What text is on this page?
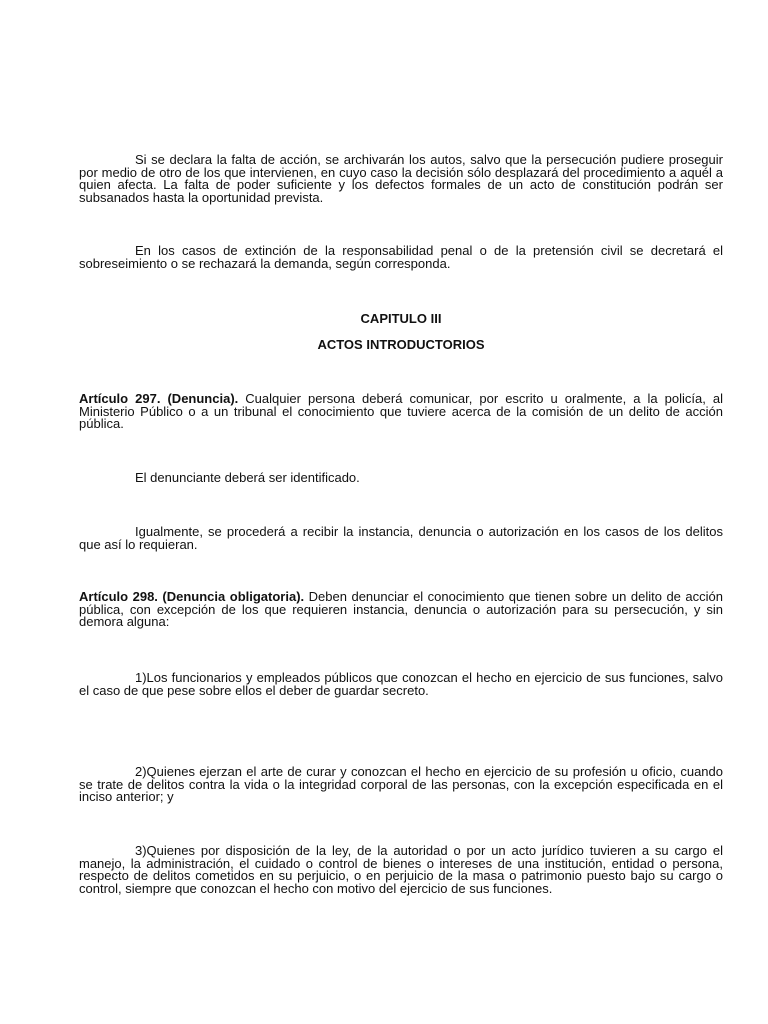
Si se declara la falta de acción, se archivarán los autos, salvo que la persecución pudiere proseguir por medio de otro de los que intervienen, en cuyo caso la decisión sólo desplazará del procedimiento a aquél a quien afecta. La falta de poder suficiente y los defectos formales de un acto de constitución podrán ser subsanados hasta la oportunidad prevista.

En los casos de extinción de la responsabilidad penal o de la pretensión civil se decretará el sobreseimiento o se rechazará la demanda, según corresponda.

CAPITULO III

ACTOS INTRODUCTORIOS

Artículo 297. (Denuncia). Cualquier persona deberá comunicar, por escrito u oralmente, a la policía, al Ministerio Público o a un tribunal el conocimiento que tuviere acerca de la comisión de un delito de acción pública.

El denunciante deberá ser identificado.

Igualmente, se procederá a recibir la instancia, denuncia o autorización en los casos de los delitos que así lo requieran.

Artículo 298. (Denuncia obligatoria). Deben denunciar el conocimiento que tienen sobre un delito de acción pública, con excepción de los que requieren instancia, denuncia o autorización para su persecución, y sin demora alguna:

1)Los funcionarios y empleados públicos que conozcan el hecho en ejercicio de sus funciones, salvo el caso de que pese sobre ellos el deber de guardar secreto.

2)Quienes ejerzan el arte de curar y conozcan el hecho en ejercicio de su profesión u oficio, cuando se trate de delitos contra la vida o la integridad corporal de las personas, con la excepción especificada en el inciso anterior; y

3)Quienes por disposición de la ley, de la autoridad o por un acto jurídico tuvieren a su cargo el manejo, la administración, el cuidado o control de bienes o intereses de una institución, entidad o persona, respecto de delitos cometidos en su perjuicio, o en perjuicio de la masa o patrimonio puesto bajo su cargo o control, siempre que conozcan el hecho con motivo del ejercicio de sus funciones.
